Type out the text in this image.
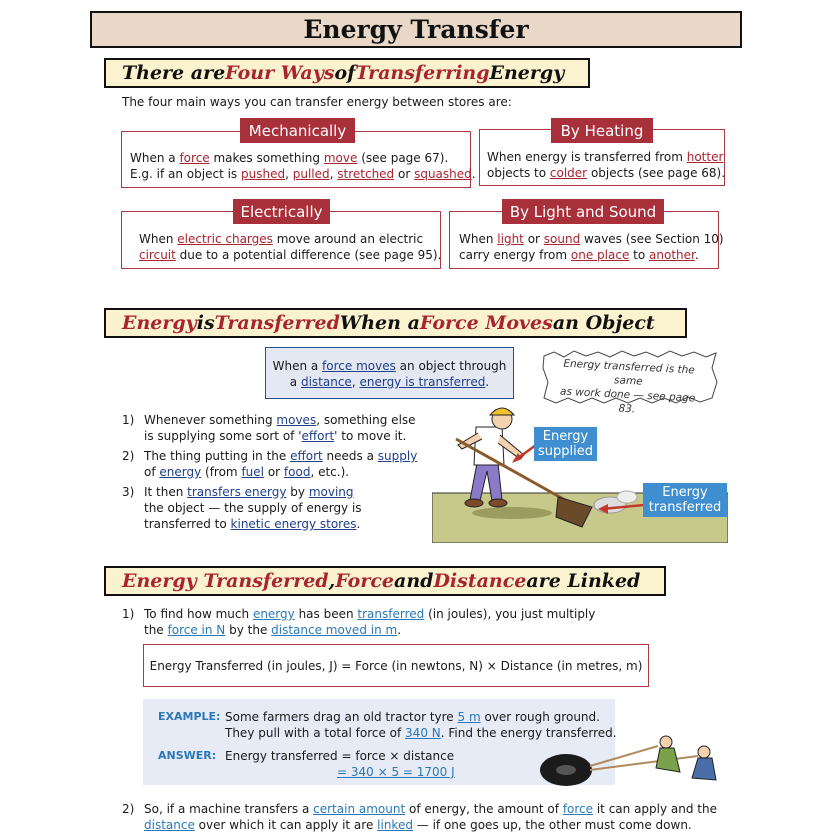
Energy Transfer
There are Four Ways of Transferring Energy
The four main ways you can transfer energy between stores are:
Mechanically
When a force makes something move (see page 67).
E.g. if an object is pushed, pulled, stretched or squashed.
By Heating
When energy is transferred from hotter
objects to colder objects (see page 68).
Electrically
When electric charges move around an electric
circuit due to a potential difference (see page 95).
By Light and Sound
When light or sound waves (see Section 10)
carry energy from one place to another.
Energy is Transferred When a Force Moves an Object
When a force moves an object through
a distance, energy is transferred.
Energy transferred is the same
as work done — see page 83.
1) Whenever something moves, something else
is supplying some sort of 'effort' to move it.
2) The thing putting in the effort needs a supply
of energy (from fuel or food, etc.).
3) It then transfers energy by moving
the object — the supply of energy is
transferred to kinetic energy stores.
Energy
supplied
Energy
transferred
Energy Transferred , Force and Distance are Linked
1) To find how much energy has been transferred (in joules), you just multiply
the force in N by the distance moved in m.
Energy Transferred (in joules, J) = Force (in newtons, N) × Distance (in metres, m)
EXAMPLE: Some farmers drag an old tractor tyre 5 m over rough ground.
They pull with a total force of 340 N. Find the energy transferred.
ANSWER: Energy transferred = force × distance
= 340 × 5 = 1700 J
2) So, if a machine transfers a certain amount of energy, the amount of force it can apply and the
distance over which it can apply it are linked — if one goes up, the other must come down.
